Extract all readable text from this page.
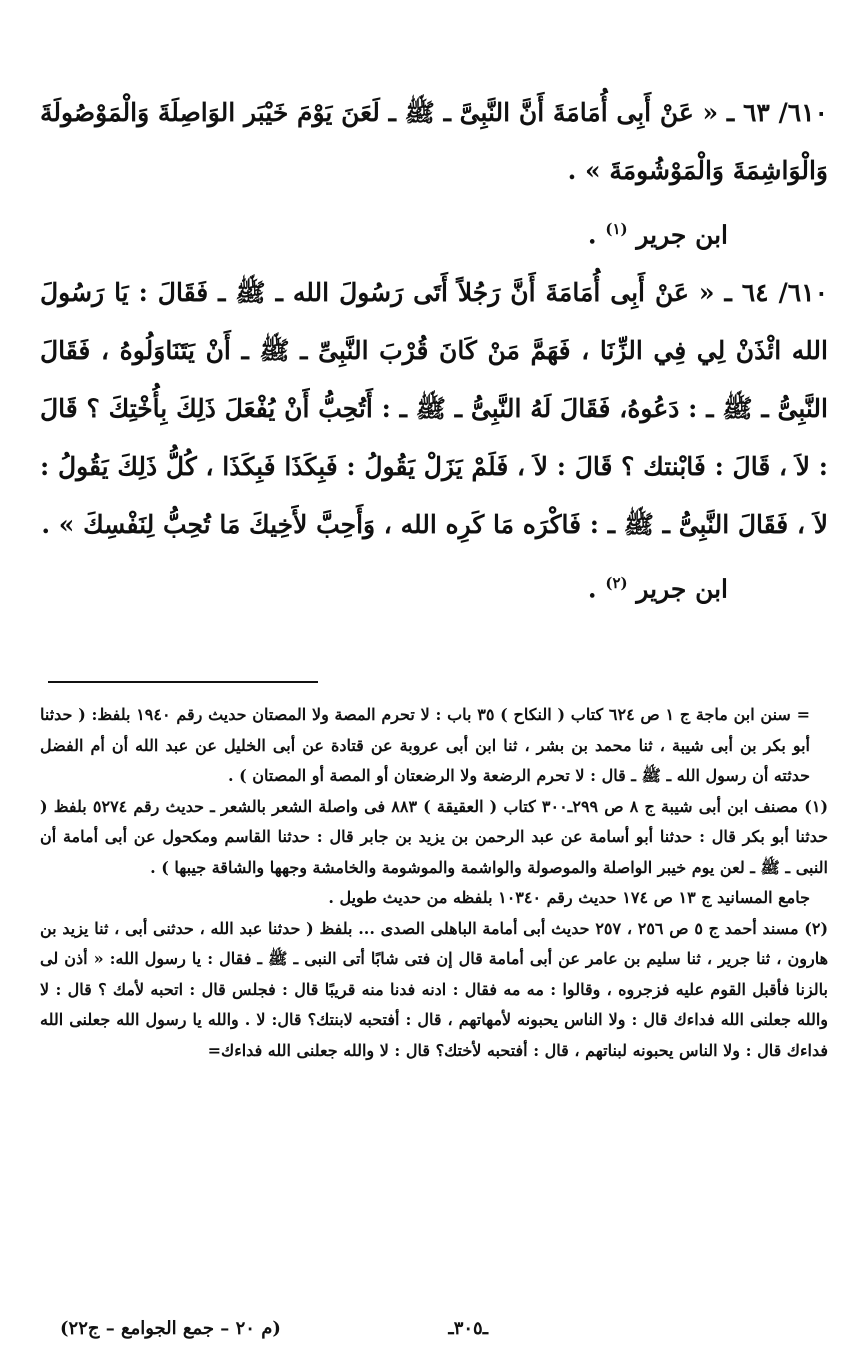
٦١٠/ ٦٣ ـ « عَنْ أَبِى أُمَامَةَ أَنَّ النَّبِىَّ ـ ﷺ ـ لَعَنَ يَوْمَ خَيْبَر الوَاصِلَةَ وَالْمَوْصُولَةَ وَالْوَاشِمَةَ وَالْمَوْشُومَةَ » .

ابن جرير $^{(١)}$ .

٦١٠/ ٦٤ ـ « عَنْ أَبِى أُمَامَةَ أَنَّ رَجُلاً أَتَى رَسُولَ الله ـ ﷺ ـ فَقَالَ : يَا رَسُولَ الله ائْذَنْ لِي فِي الزِّنَا ، فَهَمَّ مَنْ كَانَ قُرْبَ النَّبِىِّ ـ ﷺ ـ أَنْ يَتَنَاوَلُوهُ ، فَقَالَ النَّبِىُّ ـ ﷺ ـ : دَعُوهُ، فَقَالَ لَهُ النَّبِىُّ ـ ﷺ ـ : أَتُحِبُّ أَنْ يُفْعَلَ ذَلِكَ بِأُخْتِكَ ؟ قَالَ : لاَ ، قَالَ : فَابْنتك ؟ قَالَ : لاَ ، فَلَمْ يَزَلْ يَقُولُ : فَبِكَذَا فَبِكَذَا ، كُلُّ ذَلِكَ يَقُولُ : لاَ ، فَقَالَ النَّبِىُّ ـ ﷺ ـ : فَاكْرَه مَا كَرِه الله ، وَأَحِبَّ لأَخِيكَ مَا تُحِبُّ لِنَفْسِكَ » .

ابن جرير $^{(٢)}$ .

= سنن ابن ماجة ج ١ ص ٦٢٤ كتاب ( النكاح ) ٣٥ باب : لا تحرم المصة ولا المصتان حديث رقم ١٩٤٠ بلفظ: ( حدثنا أبو بكر بن أبى شيبة ، ثنا محمد بن بشر ، ثنا ابن أبى عروبة عن قتادة عن أبى الخليل عن عبد الله أن أم الفضل حدثته أن رسول الله ـ ﷺ ـ قال : لا تحرم الرضعة ولا الرضعتان أو المصة أو المصتان ) .

(١) مصنف ابن أبى شيبة ج ٨ ص ٢٩٩ـ٣٠٠ كتاب ( العقيقة ) ٨٨٣ فى واصلة الشعر بالشعر ـ حديث رقم ٥٢٧٤ بلفظ ( حدثنا أبو بكر قال : حدثنا أبو أسامة عن عبد الرحمن بن يزيد بن جابر قال : حدثنا القاسم ومكحول عن أبى أمامة أن النبى ـ ﷺ ـ لعن يوم خيبر الواصلة والموصولة والواشمة والموشومة والخامشة وجهها والشاقة جيبها ) .

جامع المسانيد ج ١٣ ص ١٧٤ حديث رقم ١٠٣٤٠ بلفظه من حديث طويل .

(٢) مسند أحمد ج ٥ ص ٢٥٦ ، ٢٥٧ حديث أبى أمامة الباهلى الصدى ... بلفظ ( حدثنا عبد الله ، حدثنى أبى ، ثنا يزيد بن هارون ، ثنا جرير ، ثنا سليم بن عامر عن أبى أمامة قال إن فتى شابًا أتى النبى ـ ﷺ ـ فقال : يا رسول الله: « أذن لى بالزنا فأقبل القوم عليه فزجروه ، وقالوا : مه مه فقال : ادنه فدنا منه قريبًا قال : فجلس قال : اتحبه لأمك ؟ قال : لا والله جعلنى الله فداءك قال : ولا الناس يحبونه لأمهاتهم ، قال : أفتحبه لابنتك؟ قال: لا . والله يا رسول الله جعلنى الله فداءك قال : ولا الناس يحبونه لبناتهم ، قال : أفتحبه لأختك؟ قال : لا والله جعلنى الله فداءك=

ـ٣٠٥ـ
(م ٢٠ – جمع الجوامع – ج٢٢)
